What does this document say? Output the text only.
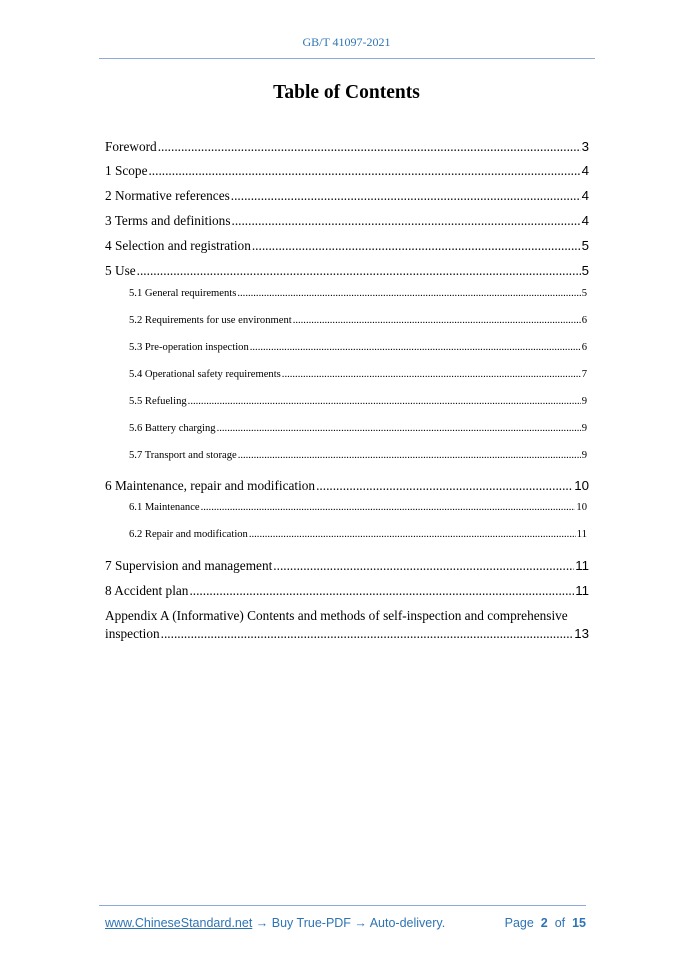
GB/T 41097-2021
Table of Contents
Foreword .....	3
1 Scope .....	4
2 Normative references .....	4
3 Terms and definitions .....	4
4 Selection and registration .....	5
5 Use .....	5
5.1 General requirements .....	5
5.2 Requirements for use environment .....	6
5.3 Pre-operation inspection .....	6
5.4 Operational safety requirements .....	7
5.5 Refueling .....	9
5.6 Battery charging .....	9
5.7 Transport and storage .....	9
6 Maintenance, repair and modification .....	10
6.1 Maintenance .....	10
6.2 Repair and modification .....	11
7 Supervision and management .....	11
8 Accident plan .....	11
Appendix A (Informative) Contents and methods of self-inspection and comprehensive
inspection .....	13
www.ChineseStandard.net → Buy True-PDF → Auto-delivery.	Page 2 of 15
